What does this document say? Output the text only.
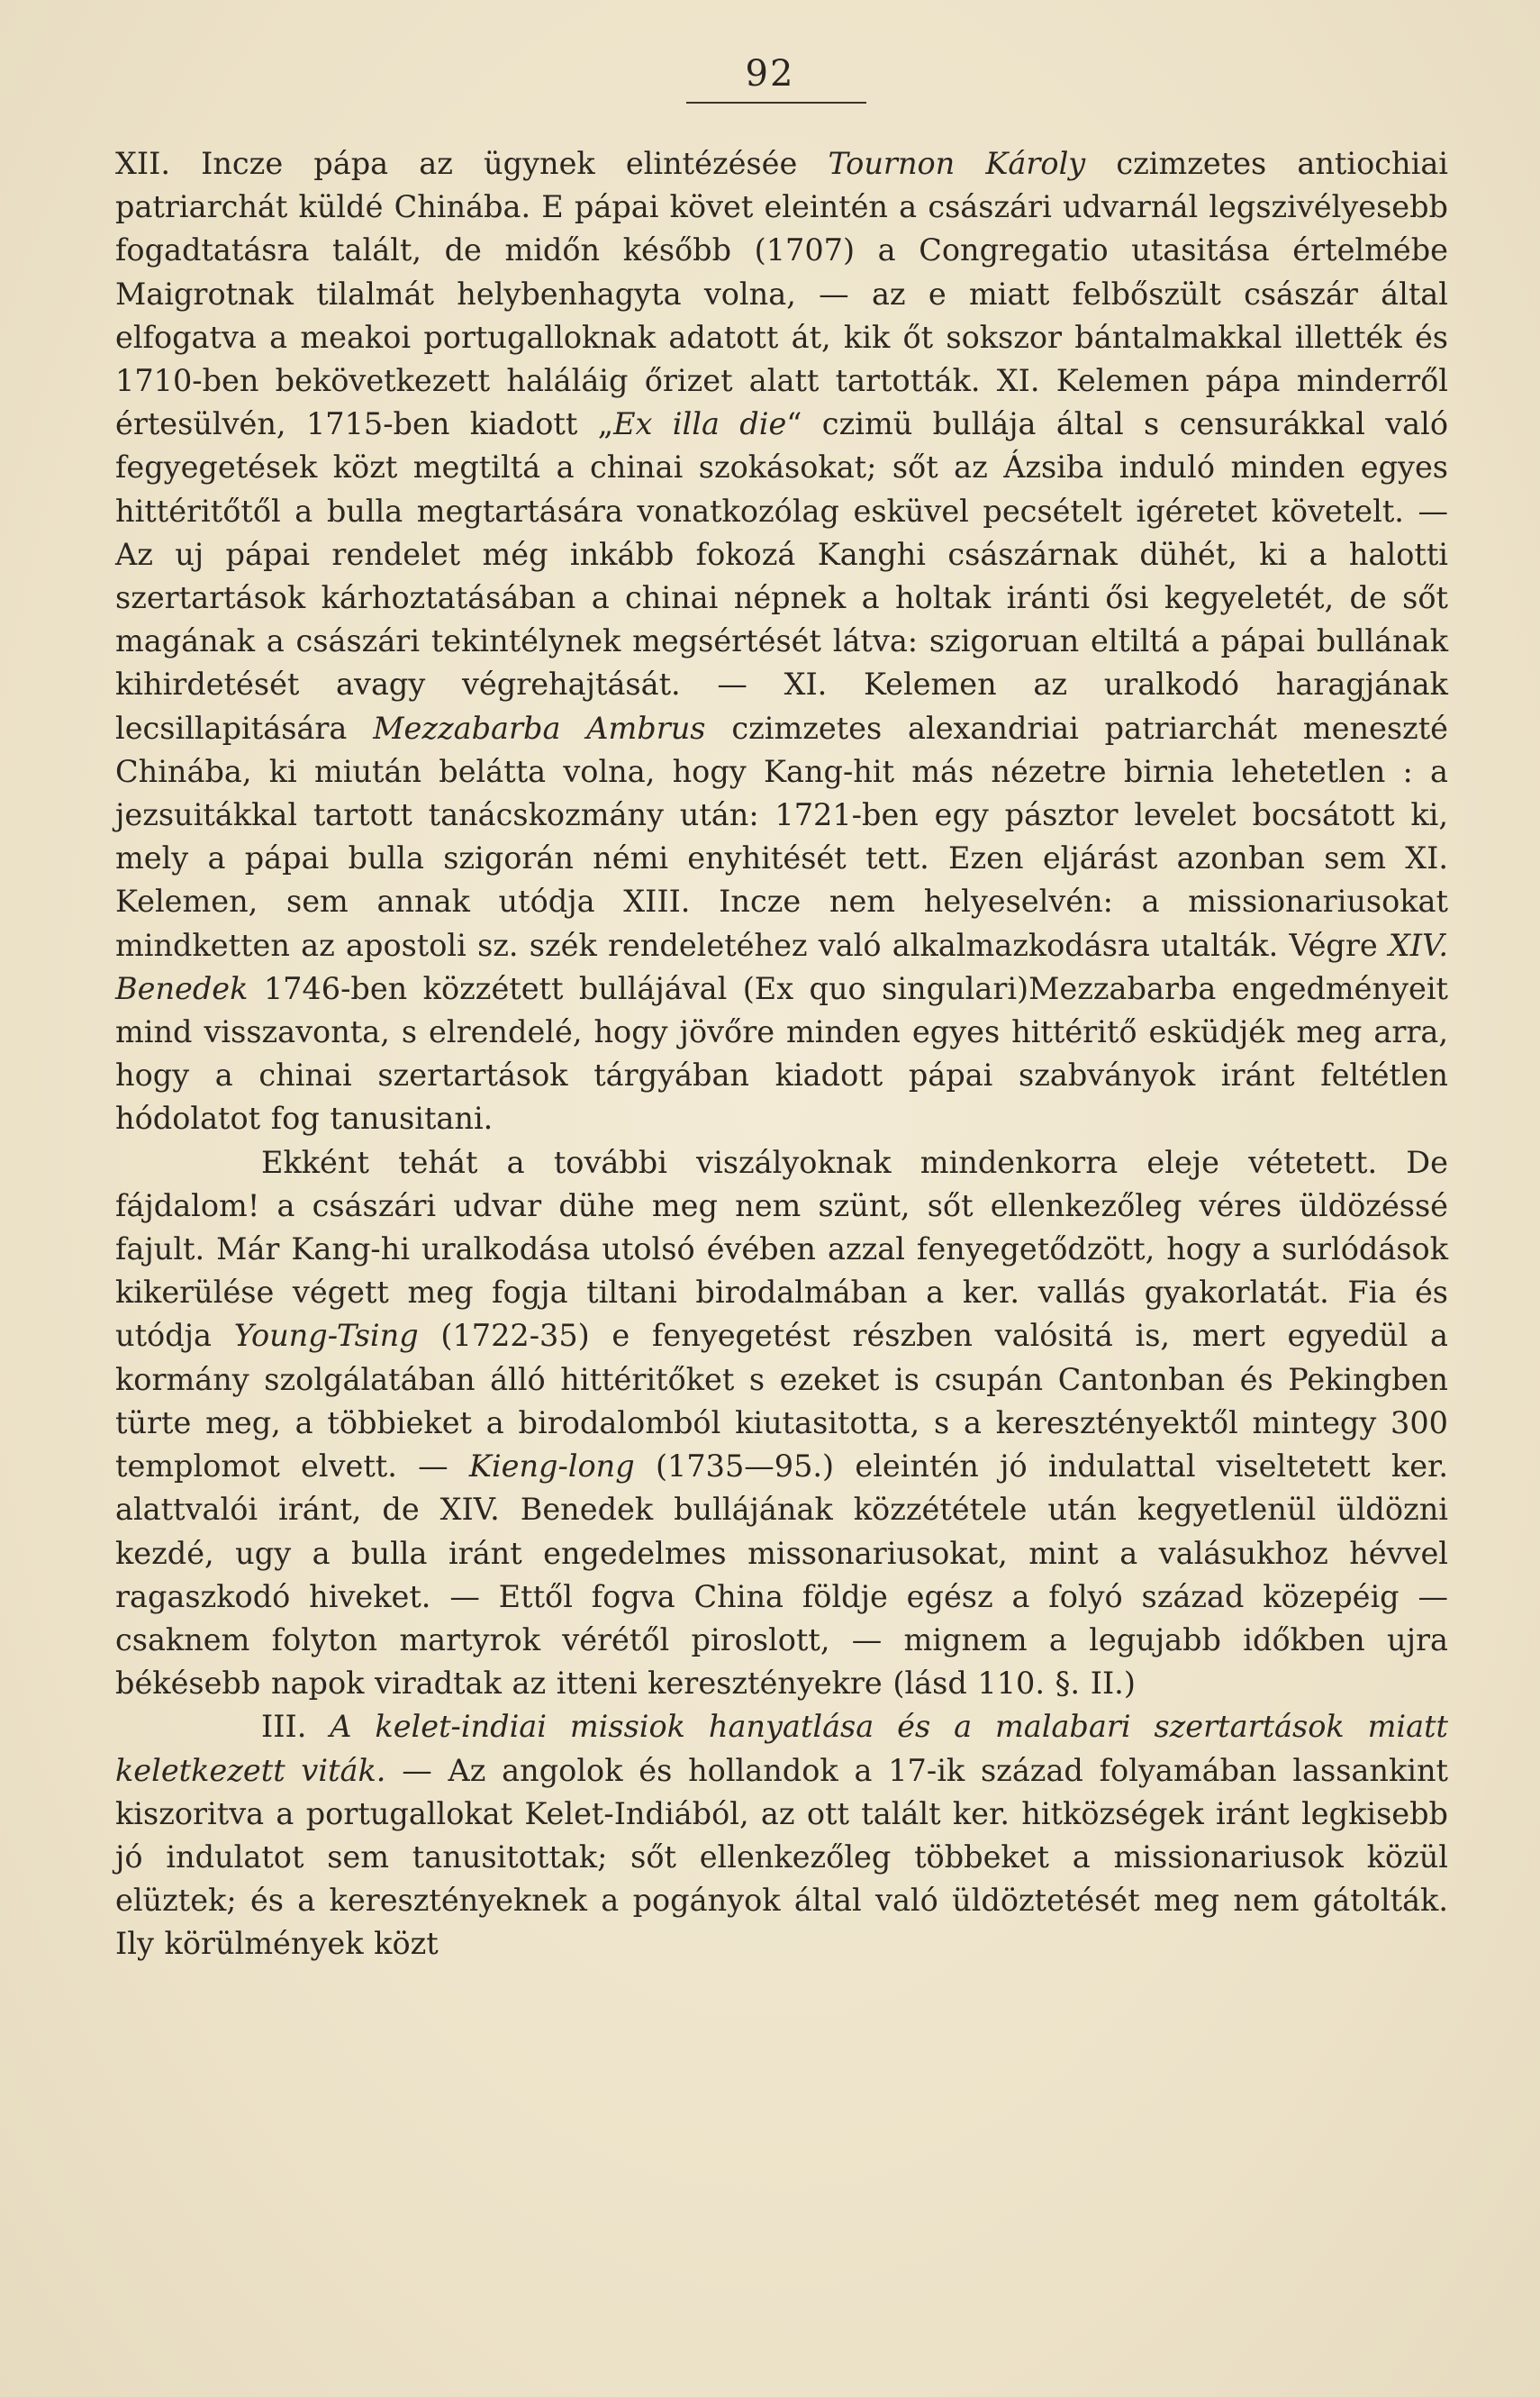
92

XII. Incze pápa az ügynek elintézésée Tournon Károly czimzetes antiochiai patriarchát küldé Chinába. E pápai követ eleintén a császári udvarnál legszivélyesebb fogadtatásra talált, de midőn később (1707) a Congregatio utasitása értelmébe Maigrotnak tilalmát helybenhagyta volna, — az e miatt felbőszült császár által elfogatva a meakoi portugalloknak adatott át, kik őt sokszor bántalmakkal illették és 1710-ben bekövetkezett haláláig őrizet alatt tartották. XI. Kelemen pápa minderről értesülvén, 1715-ben kiadott „Ex illa die“ czimü bullája által s censurákkal való fegyegetések közt megtiltá a chinai szokásokat; sőt az Ázsiba induló minden egyes hittéritőtől a bulla megtartására vonatkozólag esküvel pecsételt igéretet követelt. — Az uj pápai rendelet még inkább fokozá Kanghi császárnak dühét, ki a halotti szertartások kárhoztatásában a chinai népnek a holtak iránti ősi kegyeletét, de sőt magának a császári tekintélynek megsértését látva: szigoruan eltiltá a pápai bullának kihirdetését avagy végrehajtását. — XI. Kelemen az uralkodó haragjának lecsillapitására Mezzabarba Ambrus czimzetes alexandriai patriarchát meneszté Chinába, ki miután belátta volna, hogy Kang-hit más nézetre birnia lehetetlen : a jezsuitákkal tartott tanácskozmány után: 1721-ben egy pásztor levelet bocsátott ki, mely a pápai bulla szigorán némi enyhitését tett. Ezen eljárást azonban sem XI. Kelemen, sem annak utódja XIII. Incze nem helyeselvén: a missionariusokat mindketten az apostoli sz. szék rendeletéhez való alkalmazkodásra utalták. Végre XIV. Benedek 1746-ben közzétett bullájával (Ex quo singulari)Mezzabarba engedményeit mind visszavonta, s elrendelé, hogy jövőre minden egyes hittéritő esküdjék meg arra, hogy a chinai szertartások tárgyában kiadott pápai szabványok iránt feltétlen hódolatot fog tanusitani.

Ekként tehát a további viszályoknak mindenkorra eleje vétetett. De fájdalom! a császári udvar dühe meg nem szünt, sőt ellenkezőleg véres üldözéssé fajult. Már Kang-hi uralkodása utolsó évében azzal fenyegetődzött, hogy a surlódások kikerülése végett meg fogja tiltani birodalmában a ker. vallás gyakorlatát. Fia és utódja Young-Tsing (1722-35) e fenyegetést részben valósitá is, mert egyedül a kormány szolgálatában álló hittéritőket s ezeket is csupán Cantonban és Pekingben türte meg, a többieket a birodalomból kiutasitotta, s a keresztényektől mintegy 300 templomot elvett. — Kieng-long (1735—95.) eleintén jó indulattal viseltetett ker. alattvalói iránt, de XIV. Benedek bullájának közzététele után kegyetlenül üldözni kezdé, ugy a bulla iránt engedelmes missonariusokat, mint a valásukhoz hévvel ragaszkodó hiveket. — Ettől fogva China földje egész a folyó század közepéig — csaknem folyton martyrok vérétől piroslott, — mignem a legujabb időkben ujra békésebb napok viradtak az itteni keresztényekre (lásd 110. §. II.)

III. A kelet-indiai missiok hanyatlása és a malabari szertartások miatt keletkezett viták. — Az angolok és hollandok a 17-ik század folyamában lassankint kiszoritva a portugallokat Kelet-Indiából, az ott talált ker. hitközségek iránt legkisebb jó indulatot sem tanusitottak; sőt ellenkezőleg többeket a missionariusok közül elüztek; és a keresztényeknek a pogányok által való üldöztetését meg nem gátolták. Ily körülmények közt
